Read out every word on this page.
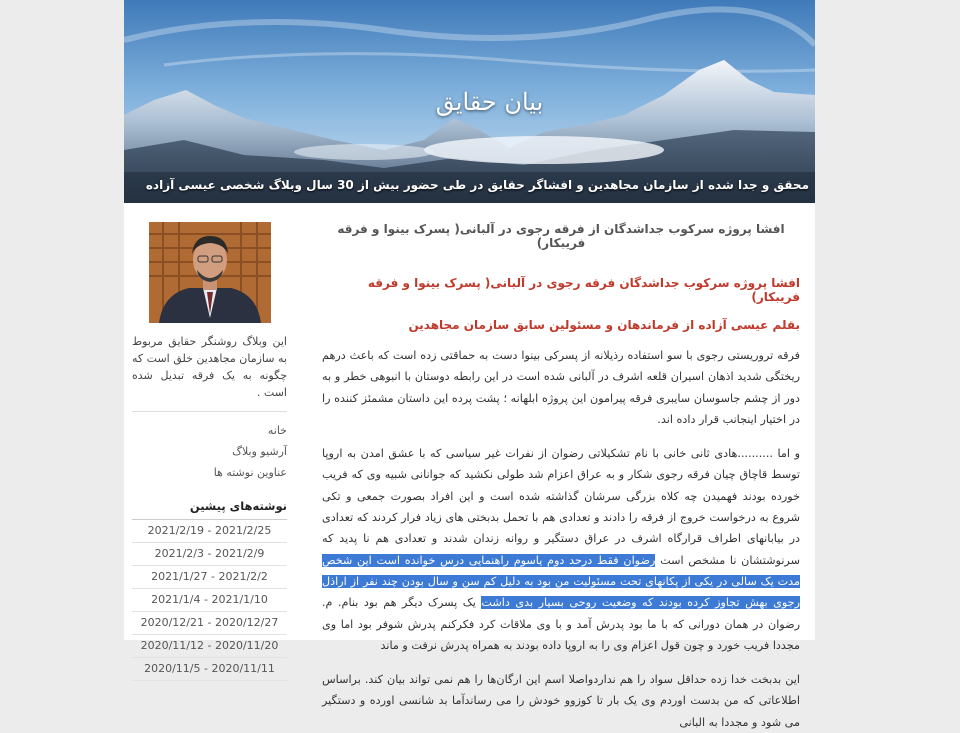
بیان حقایق
محقق و جدا شده از سازمان مجاهدین و افشاگر حقایق در طی حضور بیش از 30 سال وبلاگ شخصی عیسی آزاده
افشا پروژه سرکوب جداشدگان از فرقه رجوی در آلبانی( پسرک بینوا و فرقه فریبکار)
افشا پروژه سرکوب جداشدگان فرقه رجوی در آلبانی( پسرک بینوا و فرقه فریبکار)
بقلم عیسی آزاده از فرماندهان و مسئولین سابق سازمان مجاهدین
فرقه تروریستی رجوی با سو استفاده رذیلانه از پسرکی بینوا دست به حماقتی زده است که باعث درهم ریختگی شدید اذهان اسیران قلعه اشرف در آلبانی شده است در این رابطه دوستان با انبوهی خطر و به دور از چشم جاسوسان سایبری فرقه پیرامون این پروژه ابلهانه ؛ پشت پرده این داستان مشمئز کننده را در اختیار اینجانب قرار داده اند.
و اما ..........هادی ثانی خانی با نام تشکیلاتی رضوان از نفرات غیر سیاسی که با عشق امدن به اروپا توسط قاچاق چیان فرقه رجوی شکار و به عراق اعزام شد طولی نکشید که جوانانی شبیه وی که فریب خورده بودند فهمیدن چه کلاه بزرگی سرشان گذاشته شده است و این افراد بصورت جمعی و تکی شروع به درخواست خروج از فرقه را دادند و تعدادی هم با تحمل بدبختی های زیاد فرار کردند که تعدادی در بیابانهای اطراف قرارگاه اشرف در عراق دستگیر و روانه زندان شدند و تعدادی هم نا پدید که سرنوشتشان نا مشخص است رضوان فقط درحد دوم یاسوم راهنمایی درس خوانده است این شخص مدت یک سالی در یکی از پکانهای تحت مسئولیت من بود به دلیل کم سن و سال بودن چند نفر از اراذل رجوی بهش تجاوز کرده بودند که وضعیت روحی بسیار بدی داشت یک پسرک دیگر هم بود بنام. م. رضوان در همان دورانی که با ما بود پدرش آمد و با وی ملاقات کرد فکرکنم پدرش شوفر بود اما وی مجددا فریب خورد و چون قول اعزام وی را به اروپا داده بودند به همراه پدرش نرفت و ماند
این بدبخت خدا زده حداقل سواد را هم نداردواصلا اسم این ارگان‌ها را هم نمی تواند بیان کند. براساس اطلاعاتی که من بدست اوردم وی یک بار تا کوزوو خودش را می رساندآما بد شانسی اورده و دستگیر می شود و مجددا به البانی
این وبلاگ روشنگر حقایق مربوط به سازمان مجاهدین خلق است که چگونه به یک فرقه تبدیل شده است .
خانه
آرشیو وبلاگ
عناوین نوشته ها
نوشته‌های پیشین
2021/2/19 - 2021/2/25
2021/2/3 - 2021/2/9
2021/1/27 - 2021/2/2
2021/1/4 - 2021/1/10
2020/12/21 - 2020/12/27
2020/11/12 - 2020/11/20
2020/11/5 - 2020/11/11
